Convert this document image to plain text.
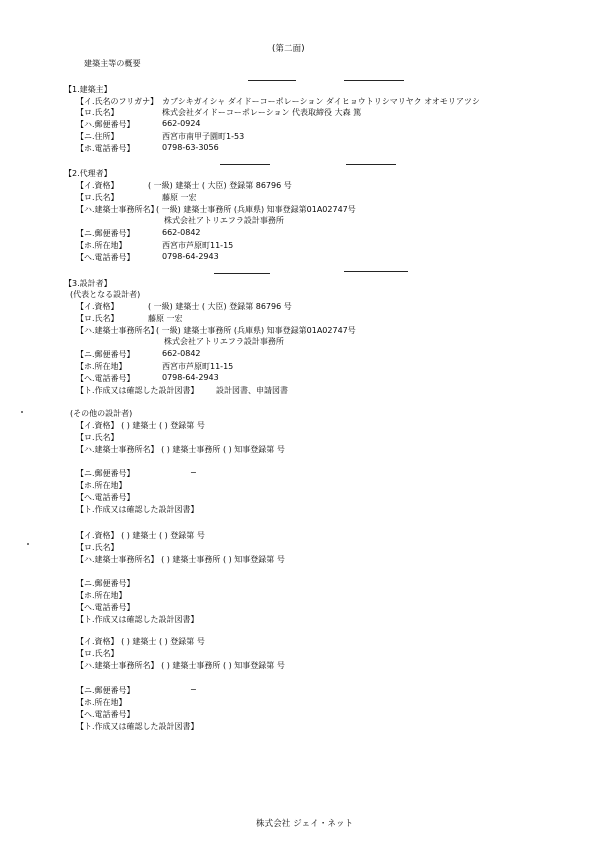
(第二面)
建築主等の概要
【1.建築主】
【イ.氏名のフリガナ】 カブシキガイシャ ダイドーコーポレーション ダイヒョウトリシマリヤク オオモリアツシ
【ロ.氏名】	株式会社ダイドーコーポレーション 代表取締役 大森 篤
【ハ.郵便番号】	662-0924
【ニ.住所】	西宮市南甲子園町1-53
【ホ.電話番号】	0798-63-3056
【2.代理者】
【イ.資格】	( 一級) 建築士 ( 大臣) 登録第 86796 号
【ロ.氏名】	藤原 一宏
【ハ.建築士事務所名】
( 一級) 建築士事務所 (兵庫県) 知事登録第01A02747号
株式会社アトリエフラ設計事務所
【ニ.郵便番号】	662-0842
【ホ.所在地】	西宮市芦原町11-15
【ヘ.電話番号】	0798-64-2943
【3.設計者】
(代表となる設計者)
【イ.資格】	( 一級) 建築士 ( 大臣) 登録第 86796 号
【ロ.氏名】	藤原 一宏
【ハ.建築士事務所名】
( 一級) 建築士事務所 (兵庫県) 知事登録第01A02747号
株式会社アトリエフラ設計事務所
【ニ.郵便番号】	662-0842
【ホ.所在地】	西宮市芦原町11-15
【ヘ.電話番号】	0798-64-2943
【ト.作成又は確認した設計図書】 設計図書、申請図書
(その他の設計者)
【イ.資格】 ( ) 建築士 ( ) 登録第 号
【ロ.氏名】
【ハ.建築士事務所名】 ( ) 建築士事務所 ( ) 知事登録第 号
【ニ.郵便番号】	−
【ホ.所在地】
【ヘ.電話番号】
【ト.作成又は確認した設計図書】
【イ.資格】 ( ) 建築士 ( ) 登録第 号
【ロ.氏名】
【ハ.建築士事務所名】 ( ) 建築士事務所 ( ) 知事登録第 号
【ニ.郵便番号】
【ホ.所在地】
【ヘ.電話番号】
【ト.作成又は確認した設計図書】
【イ.資格】 ( ) 建築士 ( ) 登録第 号
【ロ.氏名】
【ハ.建築士事務所名】 ( ) 建築士事務所 ( ) 知事登録第 号
【ニ.郵便番号】	−
【ホ.所在地】
【ヘ.電話番号】
【ト.作成又は確認した設計図書】
株式会社 ジェイ・ネット
